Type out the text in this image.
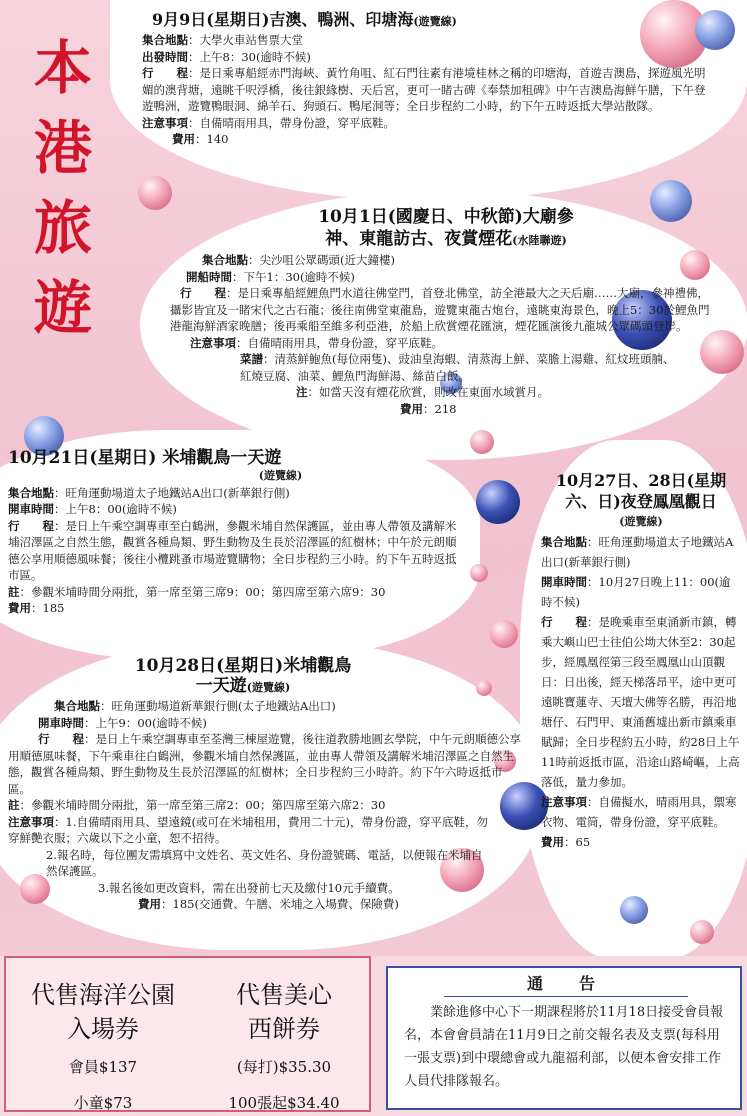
本
港
旅
遊
9月9日(星期日)吉澳、鴨洲、印塘海(遊覽線)

集合地點：大學火車站售票大堂

出發時間：上午8：30(逾時不候)

行　　程：是日乘專船經赤門海峽、黃竹角咀、紅石門往素有港境桂林之稱的印塘海，首遊吉澳島，探遊風光明媚的澳背塘，遠眺千呎浮橋，後往銀緣樹、天后宮，更可一睹古碑《奉禁加租碑》中午吉澳島海鮮午膳，下午登遊鴨洲，遊覽鴨眼洞、綿羊石、狗頭石、鴨尾洞等；全日步程約二小時，約下午五時返抵大學站散隊。

注意事項：自備晴雨用具，帶身份證，穿平底鞋。

費用：140

10月1日(國慶日、中秋節)大廟參
神、東龍訪古、夜賞煙花(水陸聯遊)

集合地點：尖沙咀公眾碼頭(近大鐘樓)

開船時間：下午1：30(逾時不候)

行　　程：是日乘專船經鯉魚門水道往佛堂門，首登北佛堂，訪全港最大之天后廟……大廟，參神禮佛，攝影皆宜及一睹宋代之古石龍；後往南佛堂東龍島，遊覽東龍古炮台，遠眺東海景色，晚上5：30於鯉魚門港龍海鮮酒家晚膳；後再乘船至維多利亞港，於船上欣賞煙花匯演，煙花匯演後九龍城公眾碼頭登岸。

注意事項：自備晴雨用具，帶身份證，穿平底鞋。

菜譜：清蒸鮮鮑魚(每位兩隻)、豉油皇海蝦、清蒸海上鮮、菜膽上湯雞、紅炆班頭腩、紅燒豆腐、油菜、鯉魚門海鮮湯、絲苗白飯。

注：如當天沒有煙花欣賞，則改在東面水域賞月。

費用：218

10月21日(星期日) 米埔觀鳥一天遊

(遊覽線)

集合地點：旺角運動場道太子地鐵站A出口(新華銀行側)

開車時間：上午8：00(逾時不候)

行　　程：是日上午乘空調專車至白鶴洲，參觀米埔自然保護區，並由專人帶領及講解米埔沼澤區之自然生態，觀賞各種鳥類、野生動物及生長於沼澤區的紅樹林；中午於元朗順德公享用順德風味餐；後往小欖跳蚤市場遊覽購物；全日步程約三小時。約下午五時返抵市區。

註：參觀米埔時間分兩批，第一席至第三席9：00；第四席至第六席9：30

費用：185

10月28日(星期日)米埔觀鳥
一天遊(遊覽線)

集合地點：旺角運動場道新華銀行側(太子地鐵站A出口)

開車時間：上午9：00(逾時不候)

行　　程：是日上午乘空調專車至荃灣三棟屋遊覽，後往道教勝地圓玄學院，中午元朗順德公享用順德風味餐，下午乘車往白鶴洲，參觀米埔自然保護區，並由專人帶領及講解米埔沼澤區之自然生態，觀賞各種鳥類、野生動物及生長於沼澤區的紅樹林；全日步程約三小時許。約下午六時返抵市區。

註：參觀米埔時間分兩批，第一席至第三席2：00；第四席至第六席2：30

注意事項：1.自備晴雨用具、望遠鏡(或可在米埔租用，費用二十元)，帶身份證，穿平底鞋，勿穿鮮艷衣服；六歲以下之小童，恕不招待。

2.報名時，每位團友需填寫中文姓名、英文姓名、身份證號碼、電話，以便報在米埔自然保護區。

3.報名後如更改資料，需在出發前七天及繳付10元手續費。

費用：185(交通費、午膳、米埔之入場費、保險費)

10月27日、28日(星期
六、日)夜登鳳凰觀日

(遊覽線)

集合地點：旺角運動場道太子地鐵站A出口(新華銀行側)

開車時間：10月27日晚上11：00(逾時不候)

行　　程：是晚乘車至東涌新市鎮，轉乘大嶼山巴士往伯公坳大休至2：30起步，經鳳凰徑第三段至鳳凰山山頂觀日：日出後，經天梯落昂平，途中更可遠眺寶蓮寺、天壇大佛等名勝，再沿地塘仔、石門甲、東涌舊墟出新市鎮乘車賦歸；全日步程約五小時，約28日上午11時前返抵市區，沿途山路崎嶇，上高落低，量力參加。

注意事項：自備擬水，晴雨用具，禦寒衣物、電筒，帶身份證，穿平底鞋。

費用：65

代售海洋公園
入場券
會員$137
小童$73
代售美心
西餅券
(每打)$35.30
100張起$34.40
通　告
業餘進修中心下一期課程將於11月18日接受會員報名，本會會員請在11月9日之前交報名表及支票(每科用一張支票)到中環總會或九龍福利部，以便本會安排工作人員代排隊報名。
